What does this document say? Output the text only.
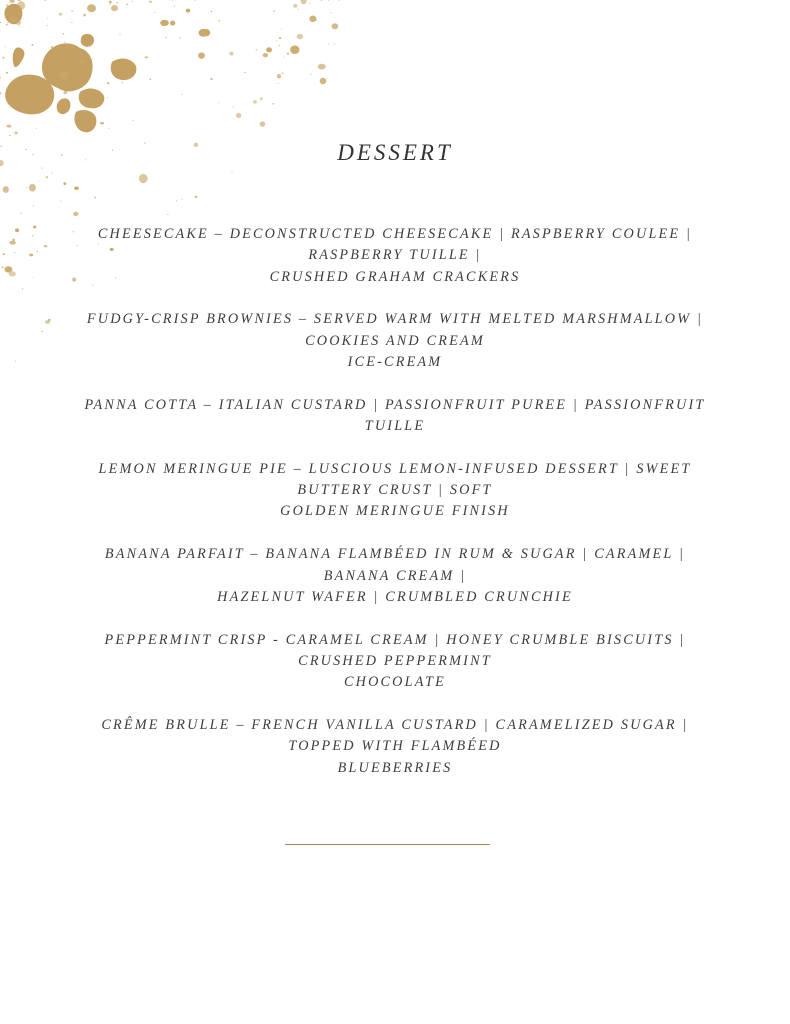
DESSERT
CHEESECAKE – DECONSTRUCTED CHEESECAKE | RASPBERRY COULEE |
RASPBERRY TUILLE |
CRUSHED GRAHAM CRACKERS
FUDGY-CRISP BROWNIES – SERVED WARM WITH MELTED MARSHMALLOW |
COOKIES AND CREAM
ICE-CREAM
PANNA COTTA – ITALIAN CUSTARD | PASSIONFRUIT PUREE | PASSIONFRUIT
TUILLE
LEMON MERINGUE PIE – LUSCIOUS LEMON-INFUSED DESSERT | SWEET
BUTTERY CRUST | SOFT
GOLDEN MERINGUE FINISH
BANANA PARFAIT – BANANA FLAMBÉED IN RUM & SUGAR | CARAMEL |
BANANA CREAM |
HAZELNUT WAFER | CRUMBLED CRUNCHIE
PEPPERMINT CRISP - CARAMEL CREAM | HONEY CRUMBLE BISCUITS |
CRUSHED PEPPERMINT
CHOCOLATE
CRÊME BRULLE – FRENCH VANILLA CUSTARD | CARAMELIZED SUGAR |
TOPPED WITH FLAMBÉED
BLUEBERRIES
